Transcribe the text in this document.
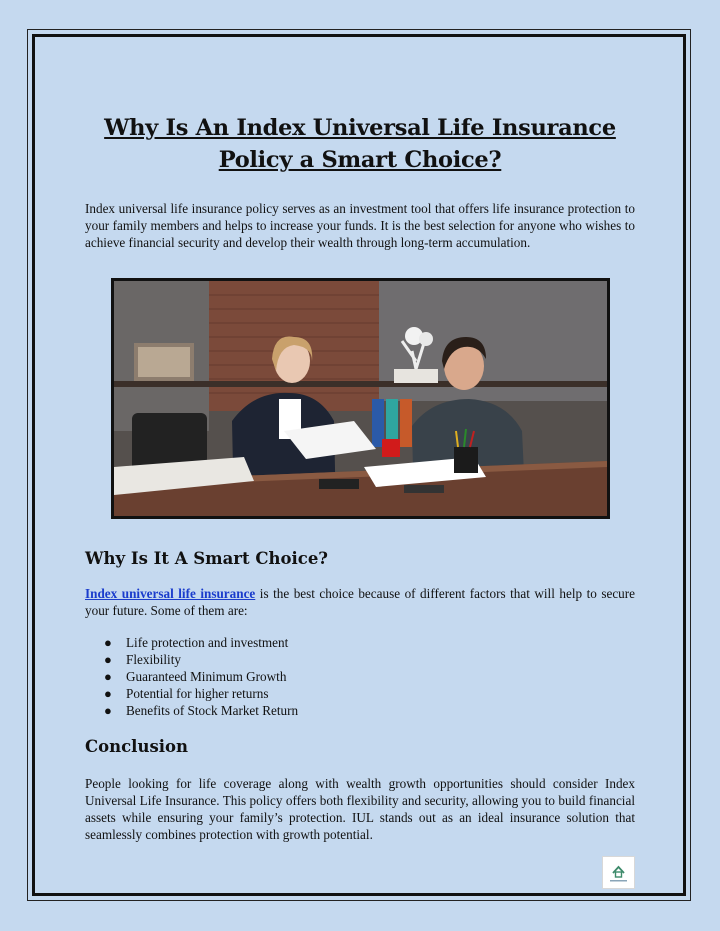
Why Is An Index Universal Life Insurance Policy a Smart Choice?

Index universal life insurance policy serves as an investment tool that offers life insurance protection to your family members and helps to increase your funds. It is the best selection for anyone who wishes to achieve financial security and develop their wealth through long-term accumulation.

Why Is It A Smart Choice?

Index universal life insurance is the best choice because of different factors that will help to secure your future. Some of them are:

● Life protection and investment
● Flexibility
● Guaranteed Minimum Growth
● Potential for higher returns
● Benefits of Stock Market Return
Conclusion

People looking for life coverage along with wealth growth opportunities should consider Index Universal Life Insurance. This policy offers both flexibility and security, allowing you to build financial assets while ensuring your family’s protection. IUL stands out as an ideal insurance solution that seamlessly combines protection with growth potential.
